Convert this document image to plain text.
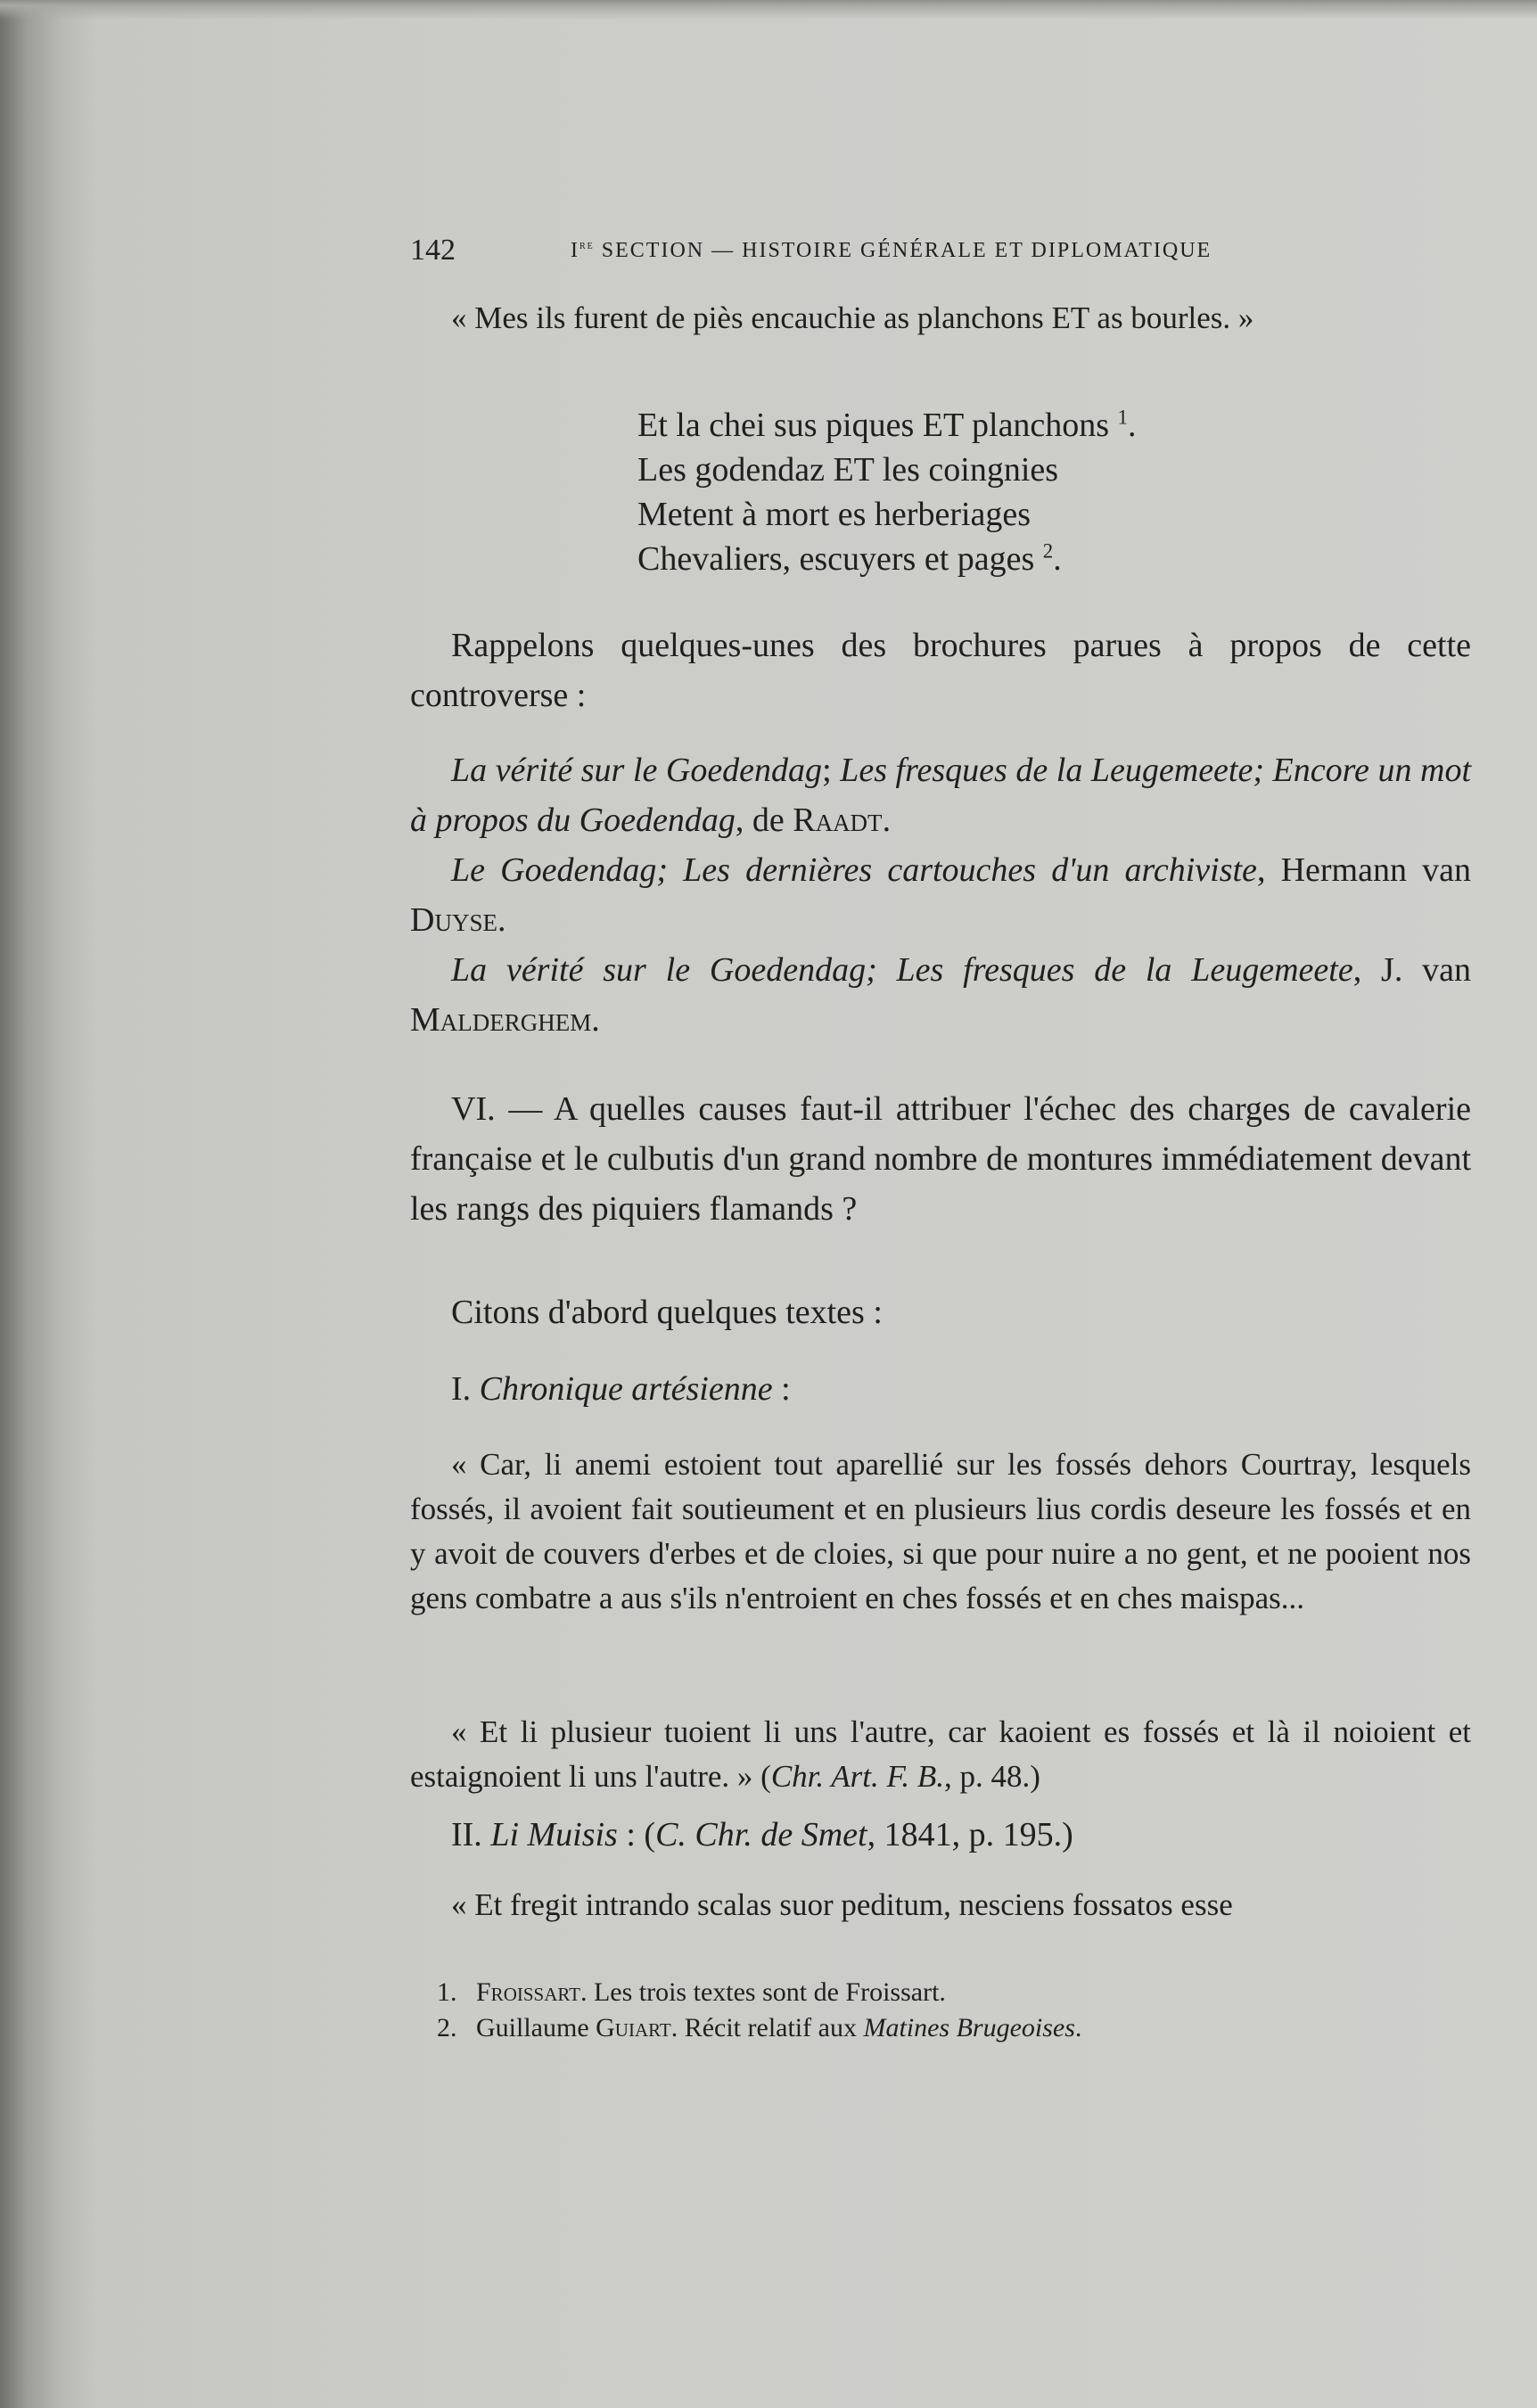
142	Ire SECTION — HISTOIRE GÉNÉRALE ET DIPLOMATIQUE

« Mes ils furent de piès encauchie as planchons ET as bourles. »

Et la chei sus piques ET planchons $^1$.
Les godendaz ET les coingnies
Metent à mort es herberiages
Chevaliers, escuyers et pages $^2$.

Rappelons quelques-unes des brochures parues à propos de cette controverse :

La vérité sur le Goedendag; Les fresques de la Leugemeete; Encore un mot à propos du Goedendag, de Raadt.

Le Goedendag; Les dernières cartouches d'un archiviste, Hermann van Duyse.

La vérité sur le Goedendag; Les fresques de la Leugemeete, J. van Malderghem.

VI. — A quelles causes faut-il attribuer l'échec des charges de cavalerie française et le culbutis d'un grand nombre de montures immédiatement devant les rangs des piquiers flamands ?

Citons d'abord quelques textes :

I. Chronique artésienne :

« Car, li anemi estoient tout aparellié sur les fossés dehors Courtray, lesquels fossés, il avoient fait soutieument et en plusieurs lius cordis deseure les fossés et en y avoit de couvers d'erbes et de cloies, si que pour nuire a no gent, et ne pooient nos gens combatre a aus s'ils n'entroient en ches fossés et en ches maispas...

« Et li plusieur tuoient li uns l'autre, car kaoient es fossés et là il noioient et estaignoient li uns l'autre. » (Chr. Art. F. B., p. 48.)

II. Li Muisis : (C. Chr. de Smet, 1841, p. 195.)

« Et fregit intrando scalas suor peditum, nesciens fossatos esse

1. Froissart. Les trois textes sont de Froissart.
2. Guillaume Guiart. Récit relatif aux Matines Brugeoises.
